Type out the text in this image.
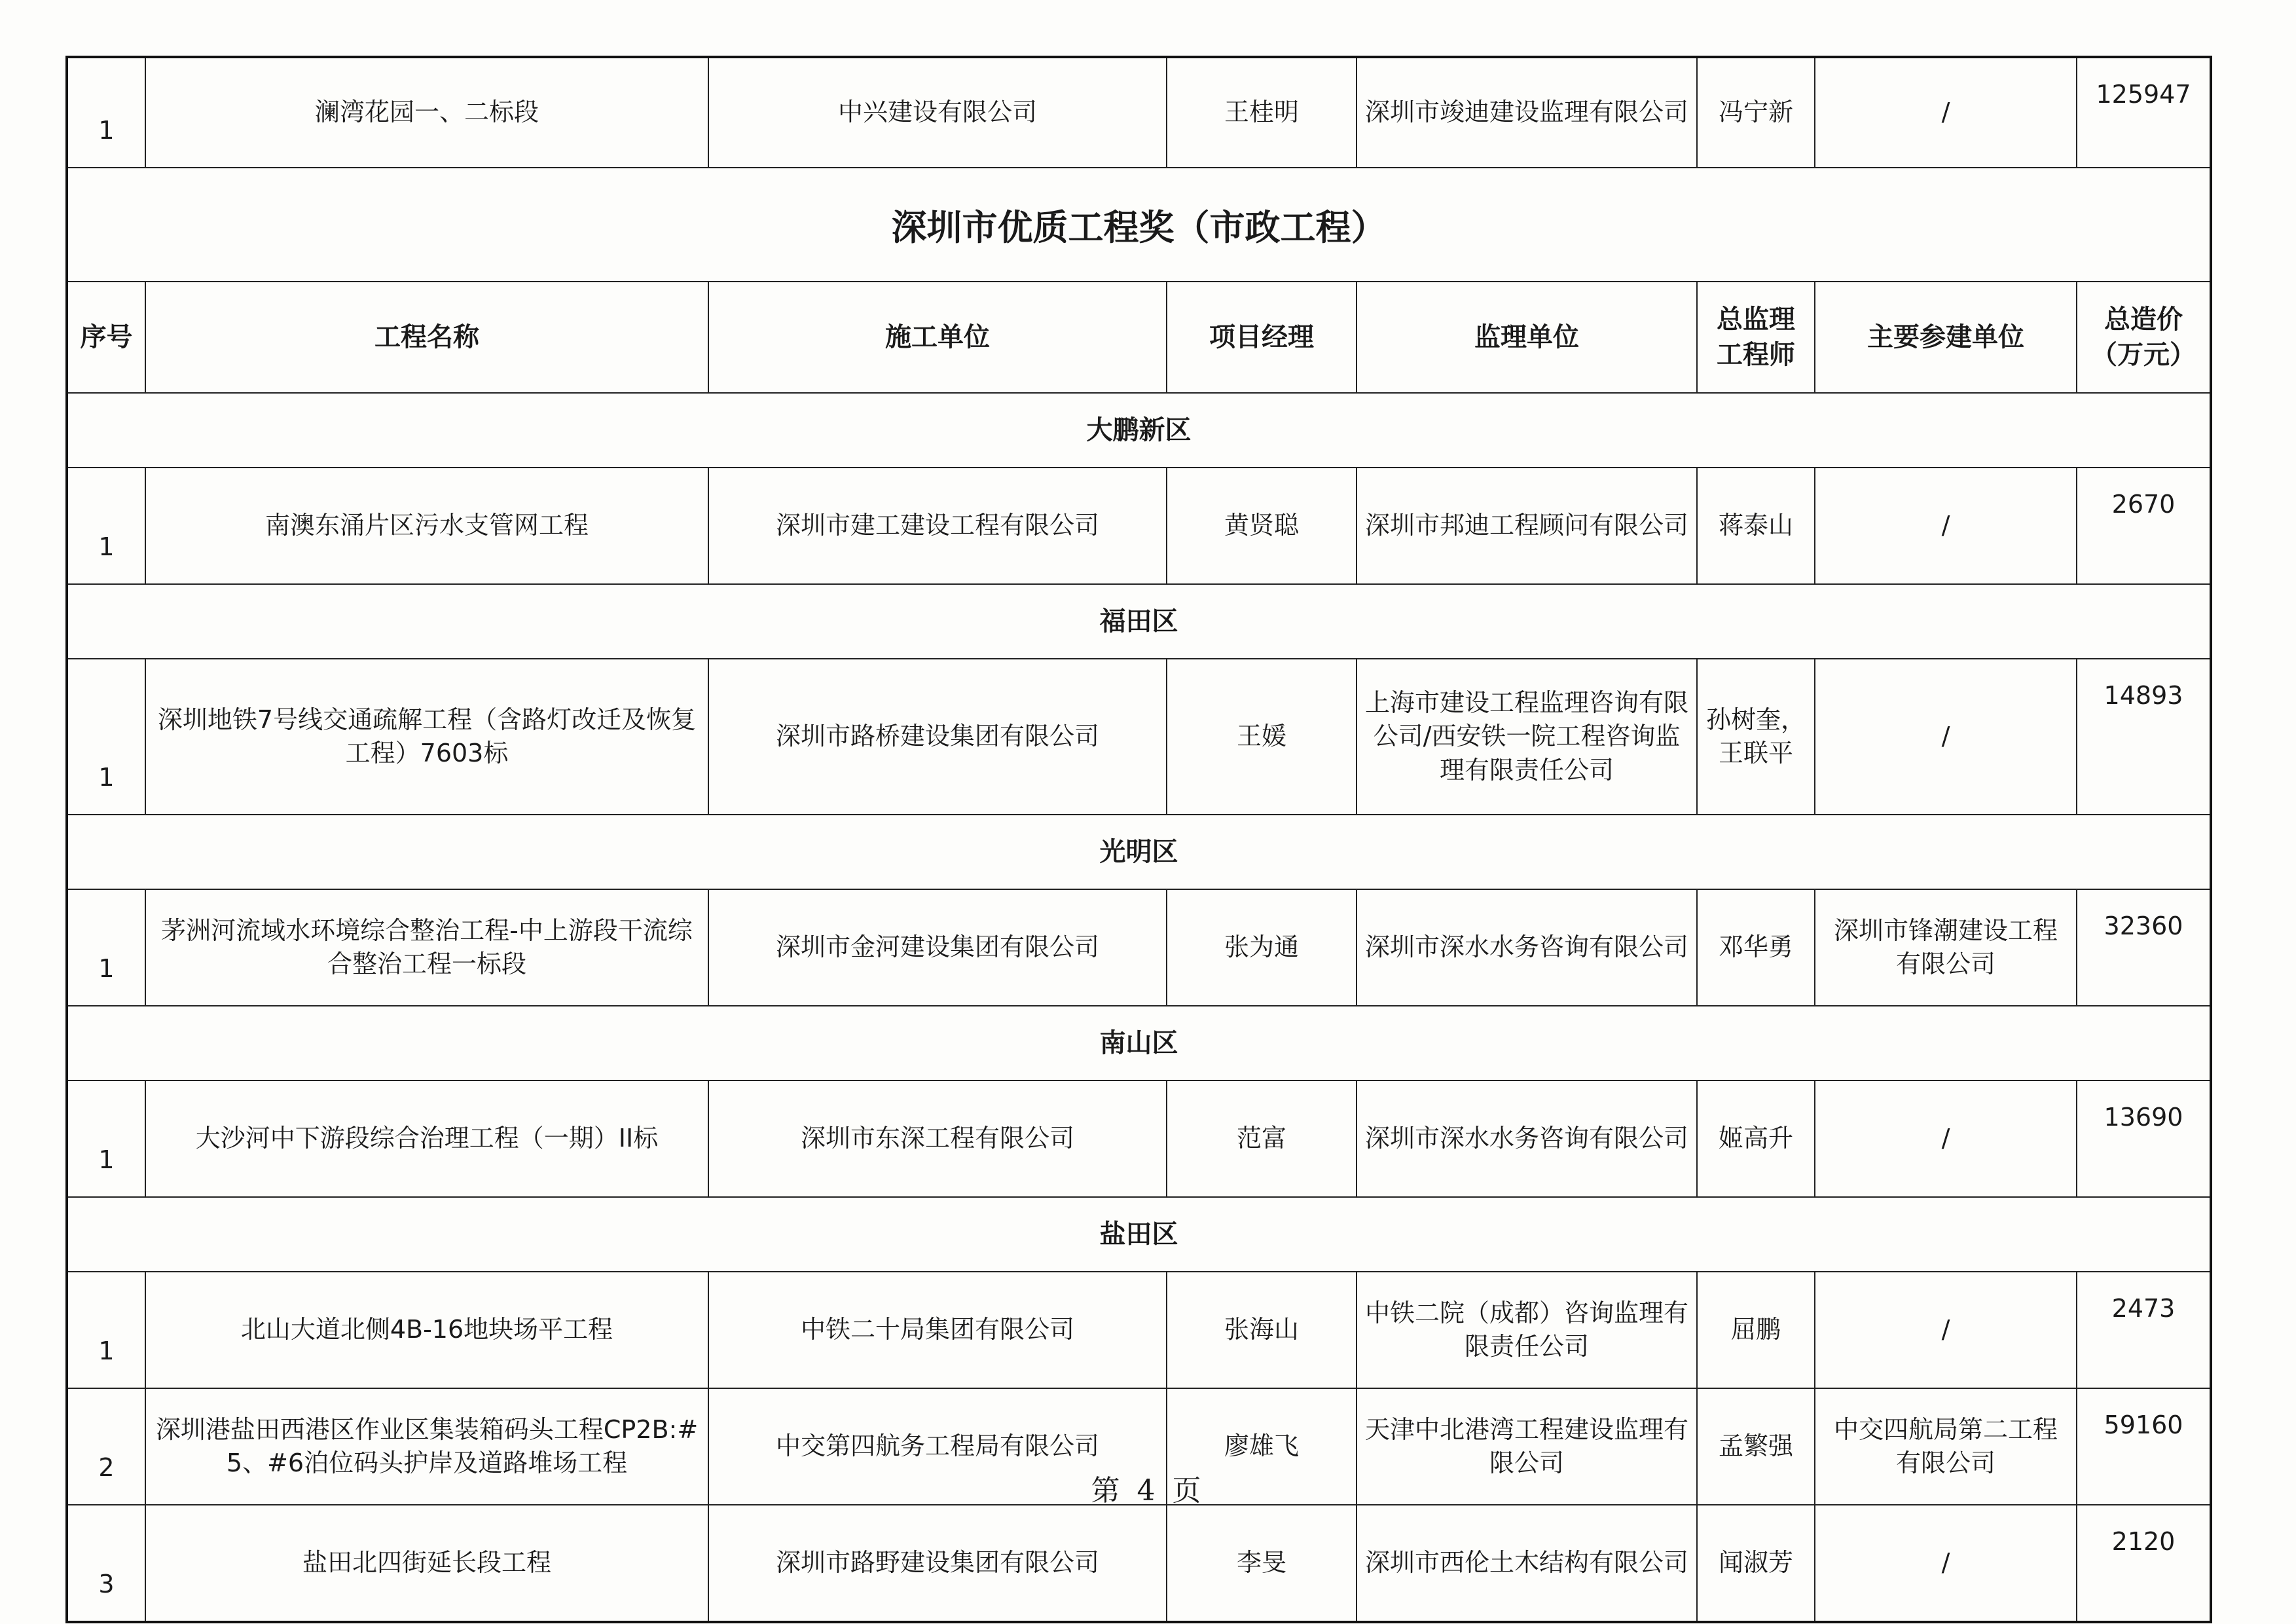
1	澜湾花园一、二标段	中兴建设有限公司	王桂明	深圳市竣迪建设监理有限公司	冯宁新	/	125947
深圳市优质工程奖（市政工程）							
序号	工程名称	施工单位	项目经理	监理单位	总监理工程师	主要参建单位	总造价（万元）
大鹏新区							
1	南澳东涌片区污水支管网工程	深圳市建工建设工程有限公司	黄贤聪	深圳市邦迪工程顾问有限公司	蒋泰山	/	2670
福田区							
1	深圳地铁7号线交通疏解工程（含路灯改迁及恢复工程）7603标	深圳市路桥建设集团有限公司	王媛	上海市建设工程监理咨询有限公司/西安铁一院工程咨询监理有限责任公司	孙树奎，王联平	/	14893
光明区							
1	茅洲河流域水环境综合整治工程-中上游段干流综合整治工程一标段	深圳市金河建设集团有限公司	张为通	深圳市深水水务咨询有限公司	邓华勇	深圳市锋潮建设工程有限公司	32360
南山区							
1	大沙河中下游段综合治理工程（一期）II标	深圳市东深工程有限公司	范富	深圳市深水水务咨询有限公司	姬高升	/	13690
盐田区							
1	北山大道北侧4B-16地块场平工程	中铁二十局集团有限公司	张海山	中铁二院（成都）咨询监理有限责任公司	屈鹏	/	2473
2	深圳港盐田西港区作业区集装箱码头工程CP2B:#5、#6泊位码头护岸及道路堆场工程	中交第四航务工程局有限公司	廖雄飞	天津中北港湾工程建设监理有限公司	孟繁强	中交四航局第二工程有限公司	59160
3	盐田北四街延长段工程	深圳市路野建设集团有限公司	李旻	深圳市西伦土木结构有限公司	闻淑芳	/	2120
第 4 页
